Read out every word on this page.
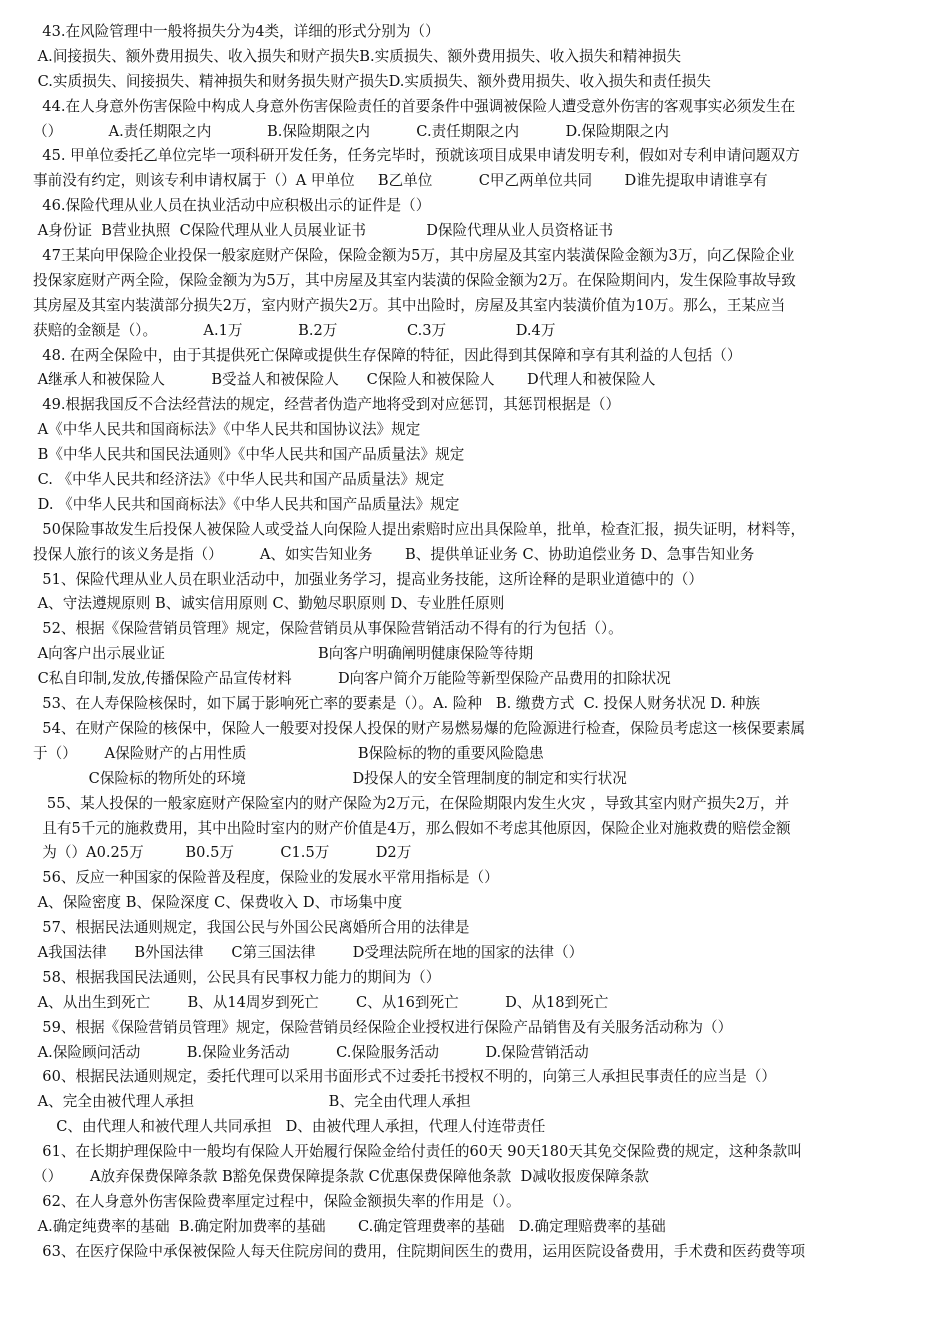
43.在风险管理中一般将损失分为4类，详细的形式分别为（）
A.间接损失、额外费用损失、收入损失和财产损失B.实质损失、额外费用损失、收入损失和精神损失
C.实质损失、间接损失、精神损失和财务损失财产损失D.实质损失、额外费用损失、收入损失和责任损失
44.在人身意外伤害保险中构成人身意外伤害保险责任的首要条件中强调被保险人遭受意外伤害的客观事实必须发生在
（）          A.责任期限之内            B.保险期限之内          C.责任期限之内          D.保险期限之内
45. 甲单位委托乙单位完毕一项科研开发任务，任务完毕时，预就该项目成果申请发明专利，假如对专利申请问题双方
事前没有约定，则该专利申请权属于（）A 甲单位     B乙单位          C甲乙两单位共同       D谁先提取申请谁享有
46.保险代理从业人员在执业活动中应积极出示的证件是（）
A身份证  B营业执照  C保险代理从业人员展业证书             D保险代理从业人员资格证书
47王某向甲保险企业投保一般家庭财产保险，保险金额为5万，其中房屋及其室内装潢保险金额为3万，向乙保险企业
投保家庭财产两全险，保险金额为为5万，其中房屋及其室内装潢的保险金额为2万。在保险期间内，发生保险事故导致
其房屋及其室内装潢部分损失2万，室内财产损失2万。其中出险时，房屋及其室内装潢价值为10万。那么，王某应当
获赔的金额是（）。          A.1万            B.2万               C.3万               D.4万
48. 在两全保险中，由于其提供死亡保障或提供生存保障的特征，因此得到其保障和享有其利益的人包括（）
A继承人和被保险人          B受益人和被保险人      C保险人和被保险人       D代理人和被保险人
49.根据我国反不合法经营法的规定，经营者伪造产地将受到对应惩罚，其惩罚根据是（）
A《中华人民共和国商标法》《中华人民共和国协议法》规定
B《中华人民共和国民法通则》《中华人民共和国产品质量法》规定
C. 《中华人民共和经济法》《中华人民共和国产品质量法》规定
D. 《中华人民共和国商标法》《中华人民共和国产品质量法》规定
50保险事故发生后投保人被保险人或受益人向保险人提出索赔时应出具保险单，批单，检查汇报，损失证明，材料等，
投保人旅行的该义务是指（）        A、如实告知业务       B、提供单证业务 C、协助追偿业务 D、急事告知业务
51、保险代理从业人员在职业活动中，加强业务学习，提高业务技能，这所诠释的是职业道德中的（）
A、守法遵规原则 B、诚实信用原则 C、勤勉尽职原则 D、专业胜任原则
52、根据《保险营销员管理》规定，保险营销员从事保险营销活动不得有的行为包括（）。
A向客户出示展业证                                 B向客户明确阐明健康保险等待期
C私自印制,发放,传播保险产品宣传材料          D向客户简介万能险等新型保险产品费用的扣除状况
53、在人寿保险核保时，如下属于影响死亡率的要素是（）。A. 险种   B. 缴费方式  C. 投保人财务状况 D. 种族
54、在财产保险的核保中，保险人一般要对投保人投保的财产易燃易爆的危险源进行检查，保险员考虑这一核保要素属
于（）      A保险财产的占用性质                        B保险标的物的重要风险隐患
C保险标的物所处的环境                       D投保人的安全管理制度的制定和实行状况
55、某人投保的一般家庭财产保险室内的财产保险为2万元，在保险期限内发生火灾 ，导致其室内财产损失2万，并
且有5千元的施救费用，其中出险时室内的财产价值是4万，那么假如不考虑其他原因，保险企业对施救费的赔偿金额
为（）A0.25万         B0.5万          C1.5万          D2万
56、反应一种国家的保险普及程度，保险业的发展水平常用指标是（）
A、保险密度 B、保险深度 C、保费收入 D、市场集中度
57、根据民法通则规定，我国公民与外国公民离婚所合用的法律是
A我国法律      B外国法律      C第三国法律        D受理法院所在地的国家的法律（）
58、根据我国民法通则，公民具有民事权力能力的期间为（）
A、从出生到死亡        B、从14周岁到死亡        C、从16到死亡          D、从18到死亡
59、根据《保险营销员管理》规定，保险营销员经保险企业授权进行保险产品销售及有关服务活动称为（）
A.保险顾问活动          B.保险业务活动          C.保险服务活动          D.保险营销活动
60、根据民法通则规定，委托代理可以采用书面形式不过委托书授权不明的，向第三人承担民事责任的应当是（）
A、完全由被代理人承担                             B、完全由代理人承担
C、由代理人和被代理人共同承担   D、由被代理人承担，代理人付连带责任
61、在长期护理保险中一般均有保险人开始履行保险金给付责任的60天 90天180天其免交保险费的规定，这种条款叫
（）      A放弃保费保障条款 B豁免保费保障提条款 C优惠保费保障他条款  D减收报废保障条款
62、在人身意外伤害保险费率厘定过程中，保险金额损失率的作用是（）。
A.确定纯费率的基础  B.确定附加费率的基础       C.确定管理费率的基础   D.确定理赔费率的基础
63、在医疗保险中承保被保险人每天住院房间的费用，住院期间医生的费用，运用医院设备费用，手术费和医药费等项
